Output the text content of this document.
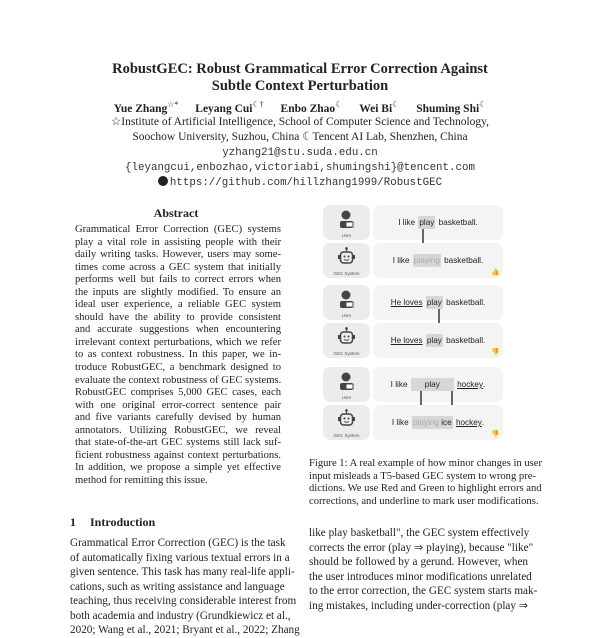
RobustGEC: Robust Grammatical Error Correction Against
Subtle Context Perturbation
Yue Zhang☆* Leyang Cui☾† Enbo Zhao☾ Wei Bi☾ Shuming Shi☾
☆Institute of Artificial Intelligence, School of Computer Science and Technology,
Soochow University, Suzhou, China ☾Tencent AI Lab, Shenzhen, China
yzhang21@stu.suda.edu.cn
{leyangcui,enbozhao,victoriabi,shumingshi}@tencent.com
https://github.com/hillzhang1999/RobustGEC
Abstract
Grammatical Error Correction (GEC) systems
play a vital role in assisting people with their
daily writing tasks. However, users may some-
times come across a GEC system that initially
performs well but fails to correct errors when
the inputs are slightly modified. To ensure an
ideal user experience, a reliable GEC system
should have the ability to provide consistent
and accurate suggestions when encountering
irrelevant context perturbations, which we refer
to as context robustness. In this paper, we in-
troduce RobustGEC, a benchmark designed to
evaluate the context robustness of GEC systems.
RobustGEC comprises 5,000 GEC cases, each
with one original error-correct sentence pair
and five variants carefully devised by human
annotators. Utilizing RobustGEC, we reveal
that state-of-the-art GEC systems still lack suf-
ficient robustness against context perturbations.
In addition, we propose a simple yet effective
method for remitting this issue.
1 Introduction
Grammatical Error Correction (GEC) is the task
of automatically fixing various textual errors in a
given sentence. This task has many real-life appli-
cations, such as writing assistance and language
teaching, thus receiving considerable interest from
both academia and industry (Grundkiewicz et al.,
2020; Wang et al., 2021; Bryant et al., 2022; Zhang
User
I like
play
basketball.
GEC System
I like
playing
basketball.
👍
User
He loves
play
basketball.
GEC System
He loves
play
basketball.
👎
User
I like
	play
	hockey .
GEC System
I like
playing ice
hockey .
👎
Figure 1: A real example of how minor changes in user
input misleads a T5-based GEC system to wrong pre-
dictions. We use Red and Green to highlight errors and
corrections, and underline to mark user modifications.
like play basketball", the GEC system effectively
corrects the error (play ⇒ playing), because "like"
should be followed by a gerund. However, when
the user introduces minor modifications unrelated
to the error correction, the GEC system starts mak-
ing mistakes, including under-correction (play ⇒
